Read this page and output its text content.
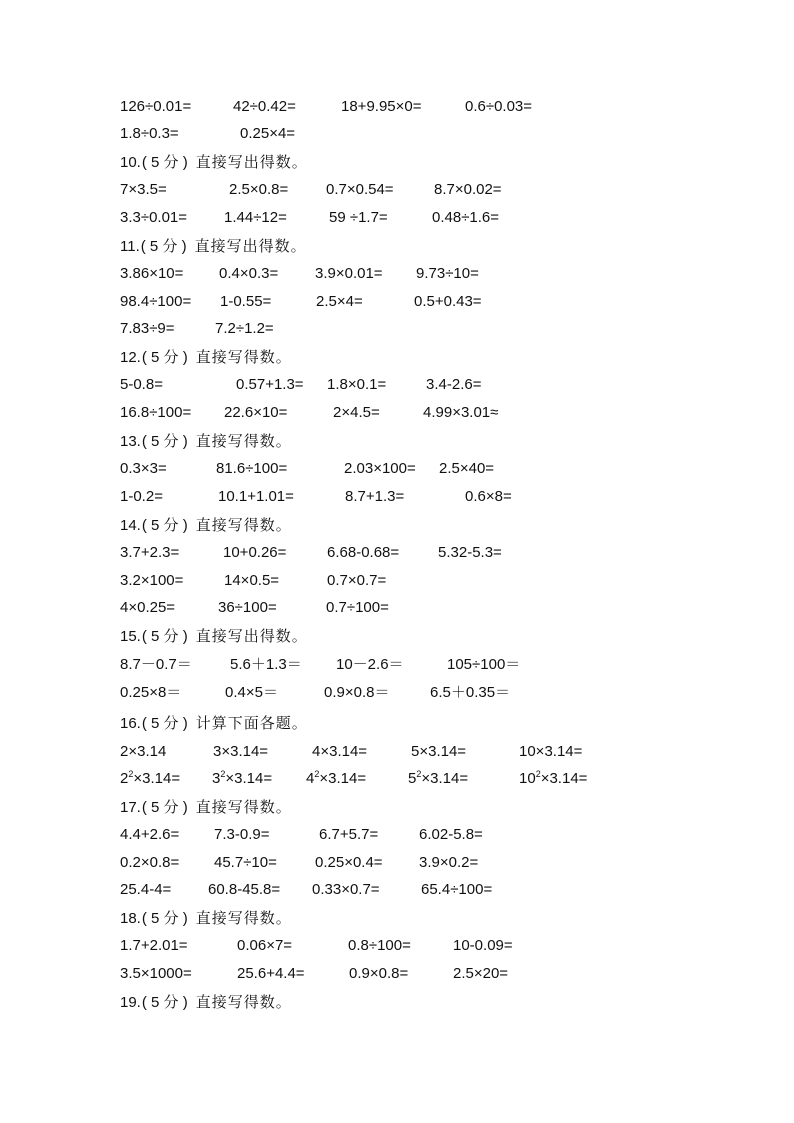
126÷0.01=	42÷0.42=	18+9.95×0=	0.6÷0.03=
1.8÷0.3=	0.25×4=
10.( 5 分 ) 直接写出得数。
7×3.5=	2.5×0.8=	0.7×0.54=	8.7×0.02=
3.3÷0.01= 1.44÷12=	59 ÷1.7=	0.48÷1.6=
11.( 5 分 ) 直接写出得数。
3.86×10= 0.4×0.3= 3.9×0.01= 9.73÷10=
98.4÷100= 1-0.55=	2.5×4=	0.5+0.43=
7.83÷9=	7.2÷1.2=
12.( 5 分 ) 直接写得数。
5-0.8=	0.57+1.3= 1.8×0.1=	3.4-2.6=
16.8÷100= 22.6×10=	2×4.5=	4.99×3.01≈
13.( 5 分 ) 直接写得数。
0.3×3=	81.6÷100=	2.03×100= 2.5×40=
1-0.2=	10.1+1.01=	8.7+1.3=	0.6×8=
14.( 5 分 ) 直接写得数。
3.7+2.3=	10+0.26=	6.68-0.68=	5.32-5.3=
3.2×100=	14×0.5=	0.7×0.7=
4×0.25=	36÷100=	0.7÷100=
15.( 5 分 ) 直接写出得数。
8.7－0.7＝	5.6＋1.3＝ 10－2.6＝	105÷100＝
0.25×8＝	0.4×5＝	0.9×0.8＝	6.5＋0.35＝
16.( 5 分 ) 计算下面各题。
2×3.14	3×3.14=	4×3.14=	5×3.14=	10×3.14=
$2^2\times 3.14= 3^2\times 3.14= 4^2\times 3.14=$	$5^2\times 3.14=$	$10^2\times 3.14=$
17.( 5 分 ) 直接写得数。
4.4+2.6= 7.3-0.9=	6.7+5.7=	6.02-5.8=
0.2×0.8= 45.7÷10=	0.25×0.4= 3.9×0.2=
25.4-4= 60.8-45.8= 0.33×0.7=	65.4÷100=
18.( 5 分 ) 直接写得数。
1.7+2.01=	0.06×7=	0.8÷100=	10-0.09=
3.5×1000=	25.6+4.4=	0.9×0.8=	2.5×20=
19.( 5 分 ) 直接写得数。
